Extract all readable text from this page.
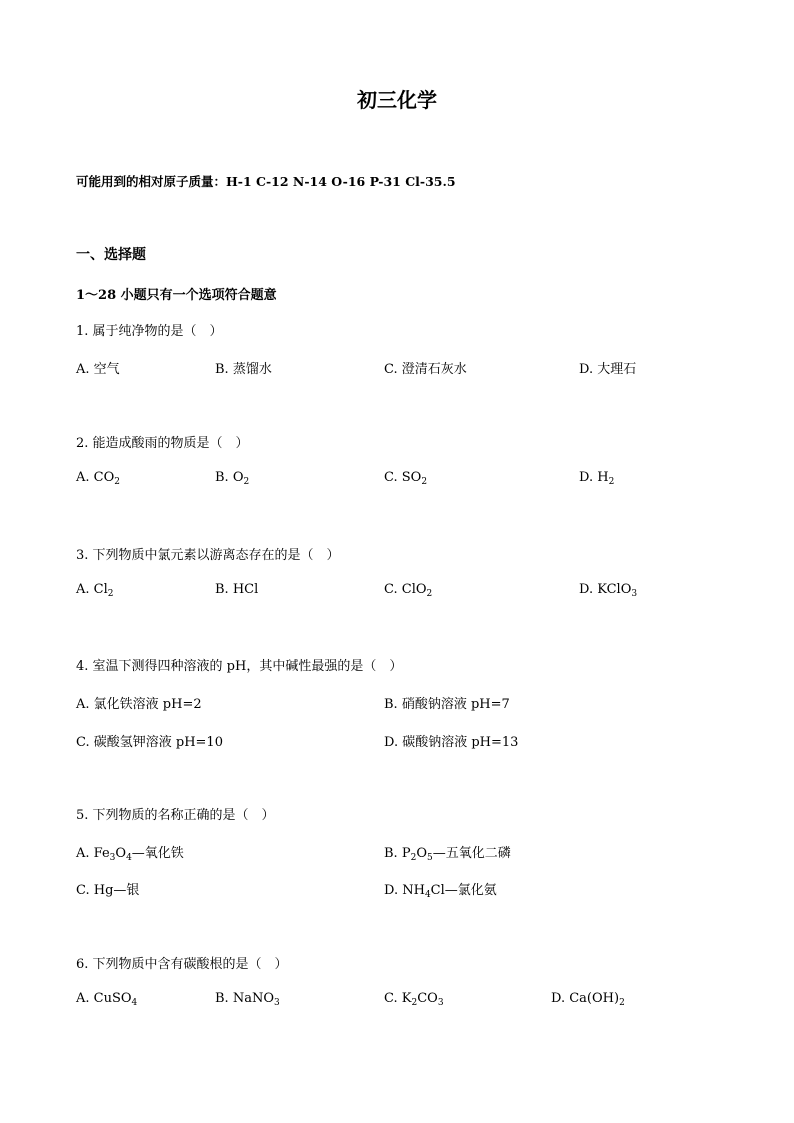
初三化学
可能用到的相对原子质量：H-1 C-12 N-14 O-16 P-31 Cl-35.5
一、选择题
1～28 小题只有一个选项符合题意
1. 属于纯净物的是（　）
A. 空气	B. 蒸馏水	C. 澄清石灰水	D. 大理石
2. 能造成酸雨的物质是（　）
A. $CO_2$	B. $O_2$	C. $SO_2$	D. $H_2$
3. 下列物质中氯元素以游离态存在的是（　）
A. $Cl_2$	B. HCl	C. ClO$_2$	D. KClO$_3$
4. 室温下测得四种溶液的 pH，其中碱性最强的是（　）
A. 氯化铁溶液 pH=2	B. 硝酸钠溶液 pH=7
C. 碳酸氢钾溶液 pH=10	D. 碳酸钠溶液 pH=13
5. 下列物质的名称正确的是（　）
A. $Fe_3O_4—$氧化铁	B. $P_2O_5—$五氧化二磷
C. Hg—银	D. $NH_4Cl—$氯化氨
6. 下列物质中含有碳酸根的是（　）
A. CuSO$_4$	B. NaNO$_3$	C. $K_2CO_3$	D. $Ca(OH)_2$
